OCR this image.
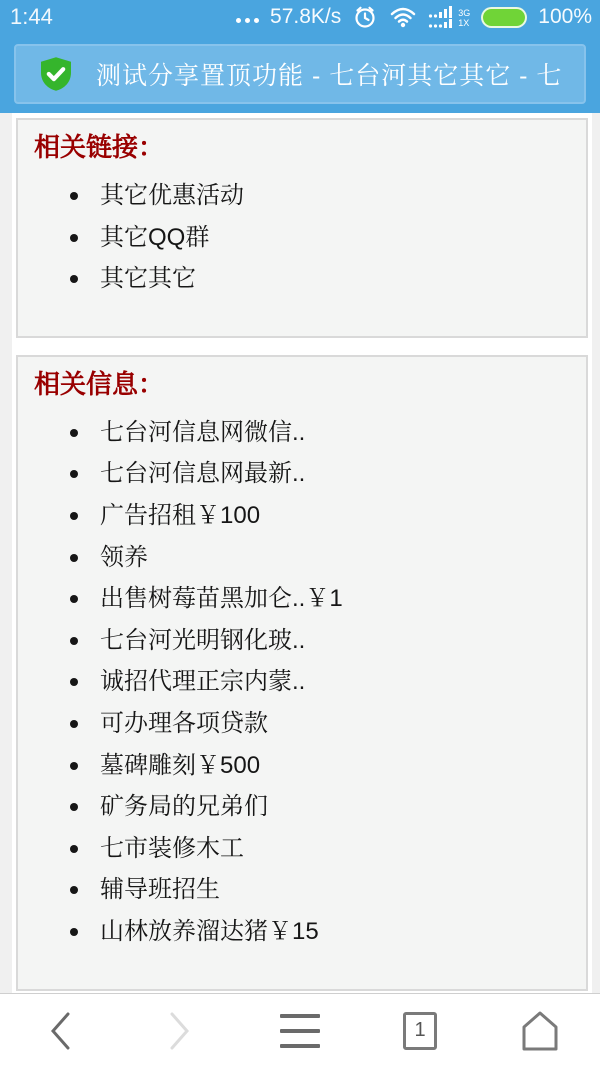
1:44	57.8K/s	3G
1X	100%
测试分享置顶功能 - 七台河其它其它 - 七
相关链接：
其它优惠活动
其它QQ群
其它其它
相关信息：
七台河信息网微信..
七台河信息网最新..
广告招租￥100
领养
出售树莓苗黑加仑..￥1
七台河光明钢化玻..
诚招代理正宗内蒙..
可办理各项贷款
墓碑雕刻￥500
矿务局的兄弟们
七市装修木工
辅导班招生
山林放养溜达猪￥15
1
